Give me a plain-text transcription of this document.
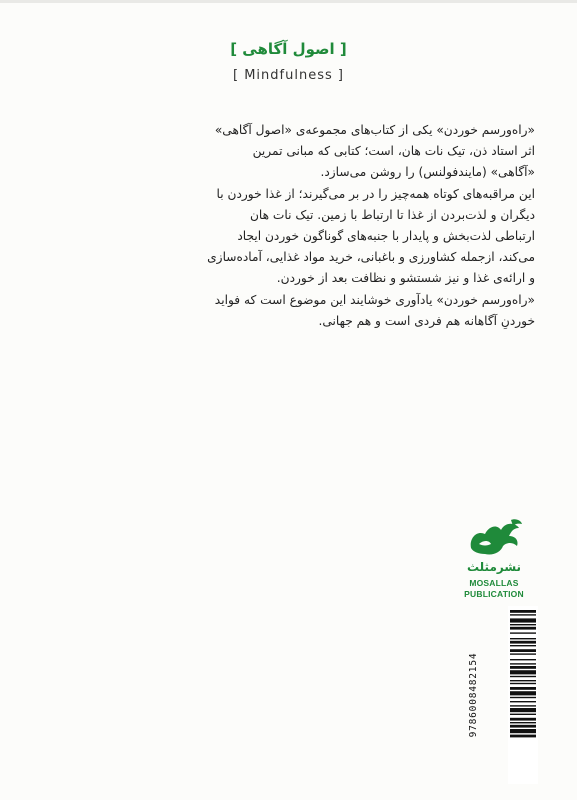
[ اصول آگاهی ]
[ Mindfulness ]

«راه‌ورسم خوردن» یکی از کتاب‌های مجموعه‌ی «اصول آگاهی»

اثر استاد ذن، تیک نات هان، است؛ کتابی که مبانی تمرین

«آگاهی» (مایندفولنس) را روشن می‌سازد.

این مراقبه‌های کوتاه همه‌چیز را در بر می‌گیرند؛ از غذا خوردن با

دیگران و لذت‌بردن از غذا تا ارتباط با زمین. تیک نات هان

ارتباطی لذت‌بخش و پایدار با جنبه‌های گوناگون خوردن ایجاد

می‌کند، ازجمله کشاورزی و باغبانی، خرید مواد غذایی، آماده‌سازی

و ارائه‌ی غذا و نیز شستشو و نظافت بعد از خوردن.

«راه‌ورسم خوردن» یادآوری خوشایند این موضوع است که فواید

خوردنِ آگاهانه هم فردی است و هم جهانی.

نشرمثلث
MOSALLAS
PUBLICATION
9786008482154
